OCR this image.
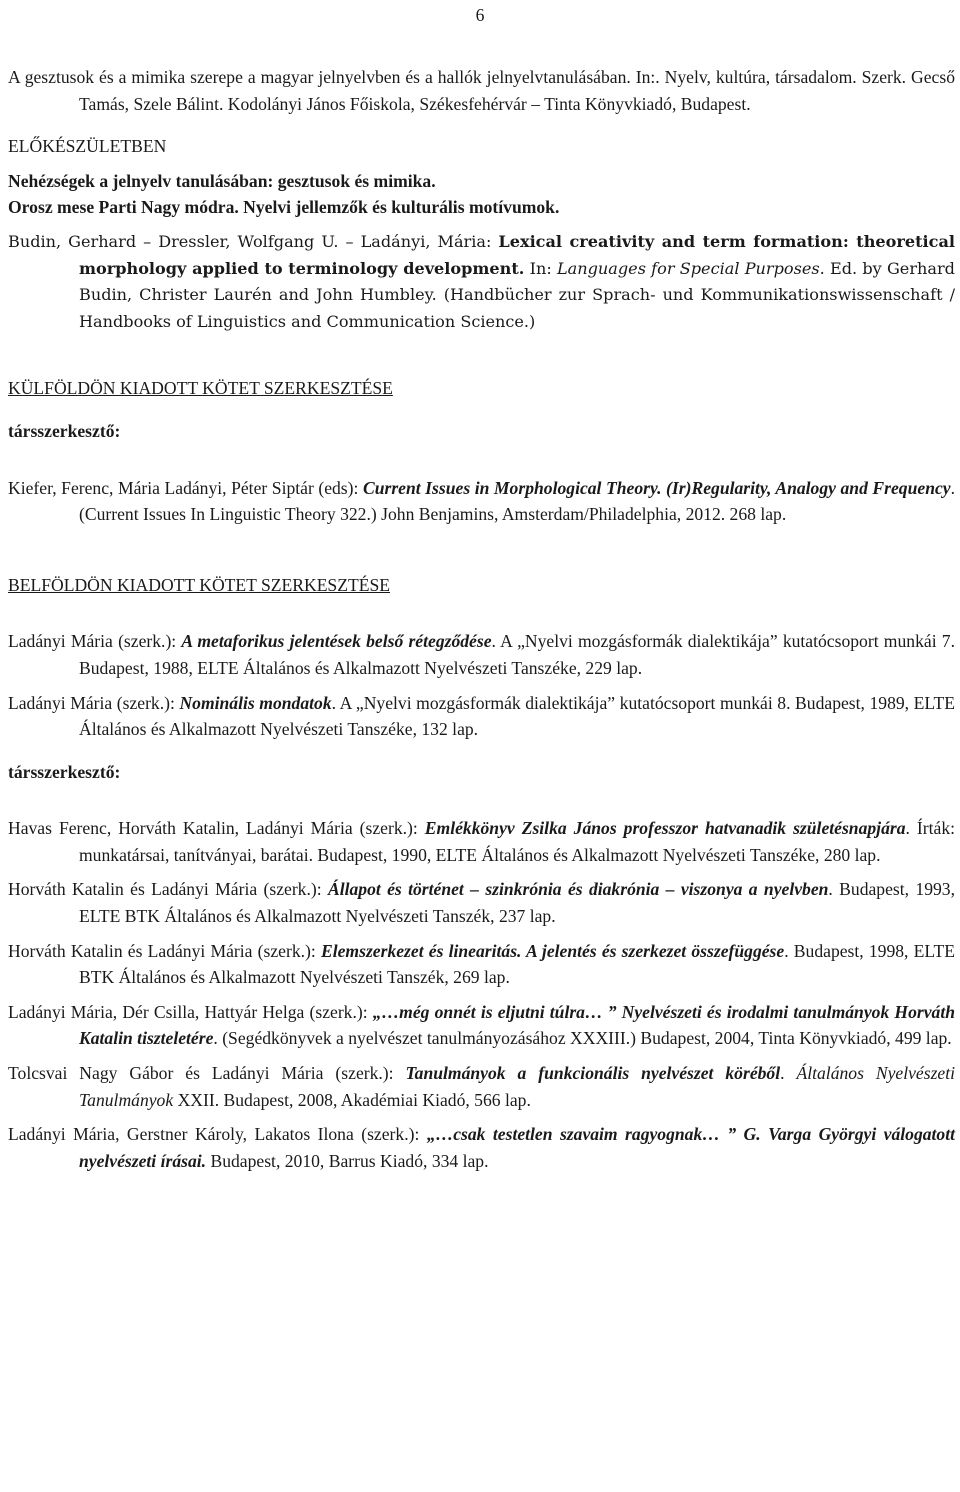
6

A gesztusok és a mimika szerepe a magyar jelnyelvben és a hallók jelnyelvtanulásában. In:. Nyelv, kultúra, társadalom. Szerk. Gecső Tamás, Szele Bálint. Kodolányi János Főiskola, Székesfehérvár – Tinta Könyvkiadó, Budapest.

ELŐKÉSZÜLETBEN

Nehézségek a jelnyelv tanulásában: gesztusok és mimika.

Orosz mese Parti Nagy módra. Nyelvi jellemzők és kulturális motívumok.

Budin, Gerhard – Dressler, Wolfgang U. – Ladányi, Mária: Lexical creativity and term formation: theoretical morphology applied to terminology development. In: Languages for Special Purposes. Ed. by Gerhard Budin, Christer Laurén and John Humbley. (Handbücher zur Sprach- und Kommunikationswissenschaft / Handbooks of Linguistics and Communication Science.)

KÜLFÖLDÖN KIADOTT KÖTET SZERKESZTÉSE

társszerkesztő:

Kiefer, Ferenc, Mária Ladányi, Péter Siptár (eds): Current Issues in Morphological Theory. (Ir)Regularity, Analogy and Frequency. (Current Issues In Linguistic Theory 322.) John Benjamins, Amsterdam/Philadelphia, 2012. 268 lap.

BELFÖLDÖN KIADOTT KÖTET SZERKESZTÉSE

Ladányi Mária (szerk.): A metaforikus jelentések belső rétegződése. A „Nyelvi mozgásformák dialektikája” kutatócsoport munkái 7. Budapest, 1988, ELTE Általános és Alkalmazott Nyelvészeti Tanszéke, 229 lap.

Ladányi Mária (szerk.): Nominális mondatok. A „Nyelvi mozgásformák dialektikája” kutatócsoport munkái 8. Budapest, 1989, ELTE Általános és Alkalmazott Nyelvészeti Tanszéke, 132 lap.

társszerkesztő:

Havas Ferenc, Horváth Katalin, Ladányi Mária (szerk.): Emlékkönyv Zsilka János professzor hatvanadik születésnapjára. Írták: munkatársai, tanítványai, barátai. Budapest, 1990, ELTE Általános és Alkalmazott Nyelvészeti Tanszéke, 280 lap.

Horváth Katalin és Ladányi Mária (szerk.): Állapot és történet – szinkrónia és diakrónia – viszonya a nyelvben. Budapest, 1993, ELTE BTK Általános és Alkalmazott Nyelvészeti Tanszék, 237 lap.

Horváth Katalin és Ladányi Mária (szerk.): Elemszerkezet és linearitás. A jelentés és szerkezet összefüggése. Budapest, 1998, ELTE BTK Általános és Alkalmazott Nyelvészeti Tanszék, 269 lap.

Ladányi Mária, Dér Csilla, Hattyár Helga (szerk.): „…még onnét is eljutni túlra… ” Nyelvészeti és irodalmi tanulmányok Horváth Katalin tiszteletére. (Segédkönyvek a nyelvészet tanulmányozásához XXXIII.) Budapest, 2004, Tinta Könyvkiadó, 499 lap.

Tolcsvai Nagy Gábor és Ladányi Mária (szerk.): Tanulmányok a funkcionális nyelvészet köréből. Általános Nyelvészeti Tanulmányok XXII. Budapest, 2008, Akadémiai Kiadó, 566 lap.

Ladányi Mária, Gerstner Károly, Lakatos Ilona (szerk.): „…csak testetlen szavaim ragyognak… ” G. Varga Györgyi válogatott nyelvészeti írásai. Budapest, 2010, Barrus Kiadó, 334 lap.
